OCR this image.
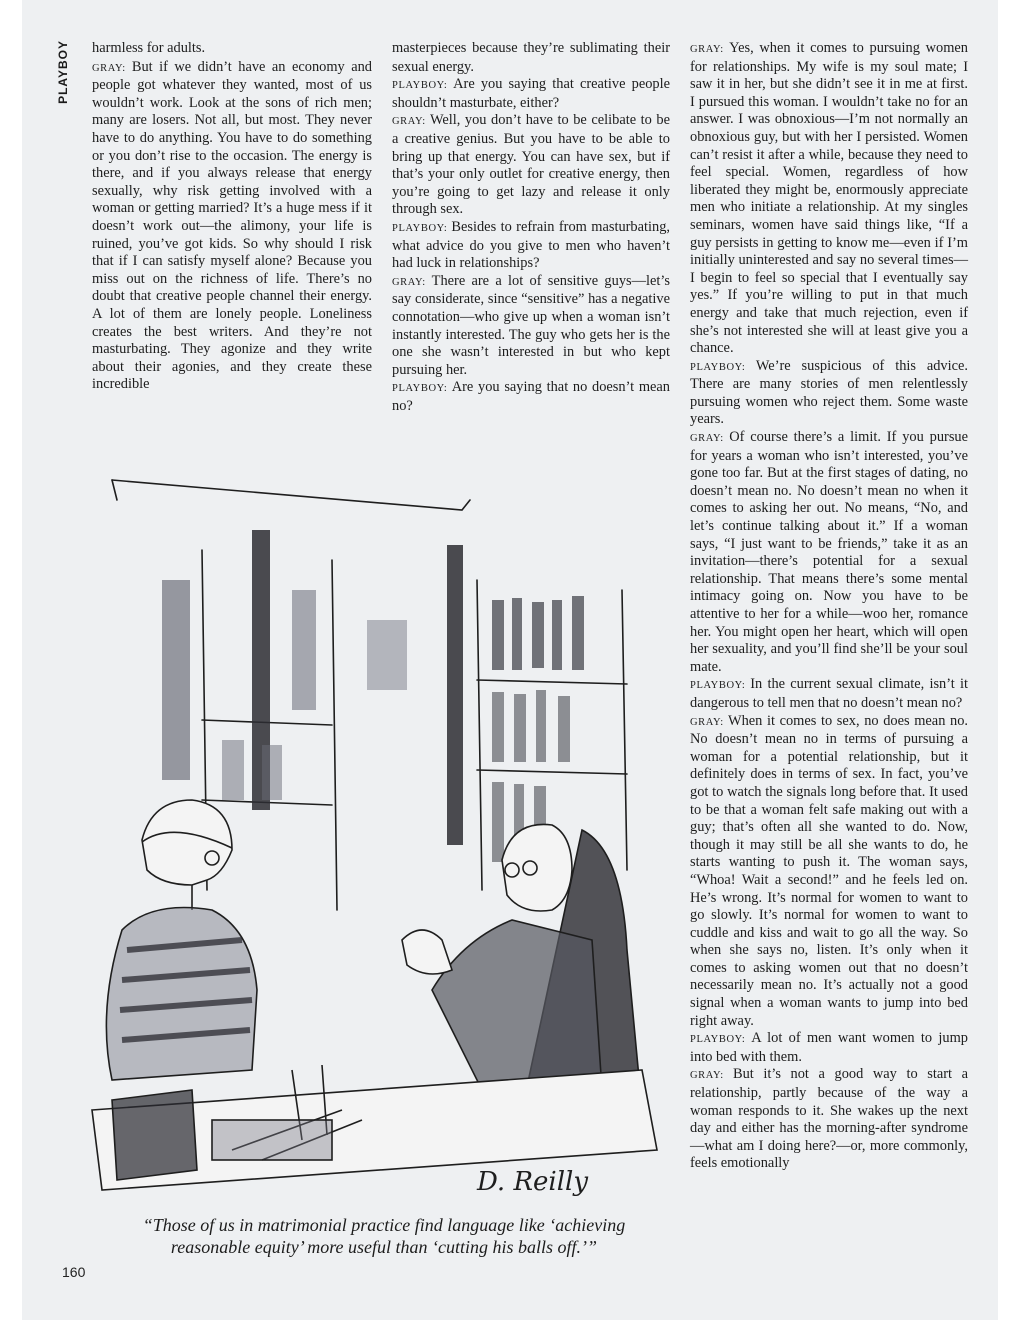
PLAYBOY harmless for adults.

GRAY: But if we didn’t have an economy and people got whatever they wanted, most of us wouldn’t work. Look at the sons of rich men; many are losers. Not all, but most. They never have to do anything. You have to do something or you don’t rise to the occasion. The energy is there, and if you always release that energy sexually, why risk getting involved with a woman or getting married? It’s a huge mess if it doesn’t work out—the alimony, your life is ruined, you’ve got kids. So why should I risk that if I can satisfy myself alone? Because you miss out on the richness of life. There’s no doubt that creative people channel their energy. A lot of them are lonely people. Loneliness creates the best writers. And they’re not masturbating. They agonize and they write about their agonies, and they create these incredible

masterpieces because they’re sublimating their sexual energy.

PLAYBOY: Are you saying that creative people shouldn’t masturbate, either?

GRAY: Well, you don’t have to be celibate to be a creative genius. But you have to be able to bring up that energy. You can have sex, but if that’s your only outlet for creative energy, then you’re going to get lazy and release it only through sex.

PLAYBOY: Besides to refrain from masturbating, what advice do you give to men who haven’t had luck in relationships?

GRAY: There are a lot of sensitive guys—let’s say considerate, since “sensitive” has a negative connotation—who give up when a woman isn’t instantly interested. The guy who gets her is the one she wasn’t interested in but who kept pursuing her.

PLAYBOY: Are you saying that no doesn’t mean no?

GRAY: Yes, when it comes to pursuing women for relationships. My wife is my soul mate; I saw it in her, but she didn’t see it in me at first. I pursued this woman. I wouldn’t take no for an answer. I was obnoxious—I’m not normally an obnoxious guy, but with her I persisted. Women can’t resist it after a while, because they need to feel special. Women, regardless of how liberated they might be, enormously appreciate men who initiate a relationship. At my singles seminars, women have said things like, “If a guy persists in getting to know me—even if I’m initially uninterested and say no several times—I begin to feel so special that I eventually say yes.” If you’re willing to put in that much energy and take that much rejection, even if she’s not interested she will at least give you a chance.

PLAYBOY: We’re suspicious of this advice. There are many stories of men relentlessly pursuing women who reject them. Some waste years.

GRAY: Of course there’s a limit. If you pursue for years a woman who isn’t interested, you’ve gone too far. But at the first stages of dating, no doesn’t mean no. No doesn’t mean no when it comes to asking her out. No means, “No, and let’s continue talking about it.” If a woman says, “I just want to be friends,” take it as an invitation—there’s potential for a sexual relationship. That means there’s some mental intimacy going on. Now you have to be attentive to her for a while—woo her, romance her. You might open her heart, which will open her sexuality, and you’ll find she’ll be your soul mate.

PLAYBOY: In the current sexual climate, isn’t it dangerous to tell men that no doesn’t mean no?

GRAY: When it comes to sex, no does mean no. No doesn’t mean no in terms of pursuing a woman for a potential relationship, but it definitely does in terms of sex. In fact, you’ve got to watch the signals long before that. It used to be that a woman felt safe making out with a guy; that’s often all she wanted to do. Now, though it may still be all she wants to do, he starts wanting to push it. The woman says, “Whoa! Wait a second!” and he feels led on. He’s wrong. It’s normal for women to want to go slowly. It’s normal for women to want to cuddle and kiss and wait to go all the way. So when she says no, listen. It’s only when it comes to asking women out that no doesn’t necessarily mean no. It’s actually not a good signal when a woman wants to jump into bed right away.

PLAYBOY: A lot of men want women to jump into bed with them.

GRAY: But it’s not a good way to start a relationship, partly because of the way a woman responds to it. She wakes up the next day and either has the morning-after syndrome—what am I doing here?—or, more commonly, feels emotionally

D. Reilly
“Those of us in matrimonial practice find language like ‘achieving reasonable equity’ more useful than ‘cutting his balls off.’”
160
